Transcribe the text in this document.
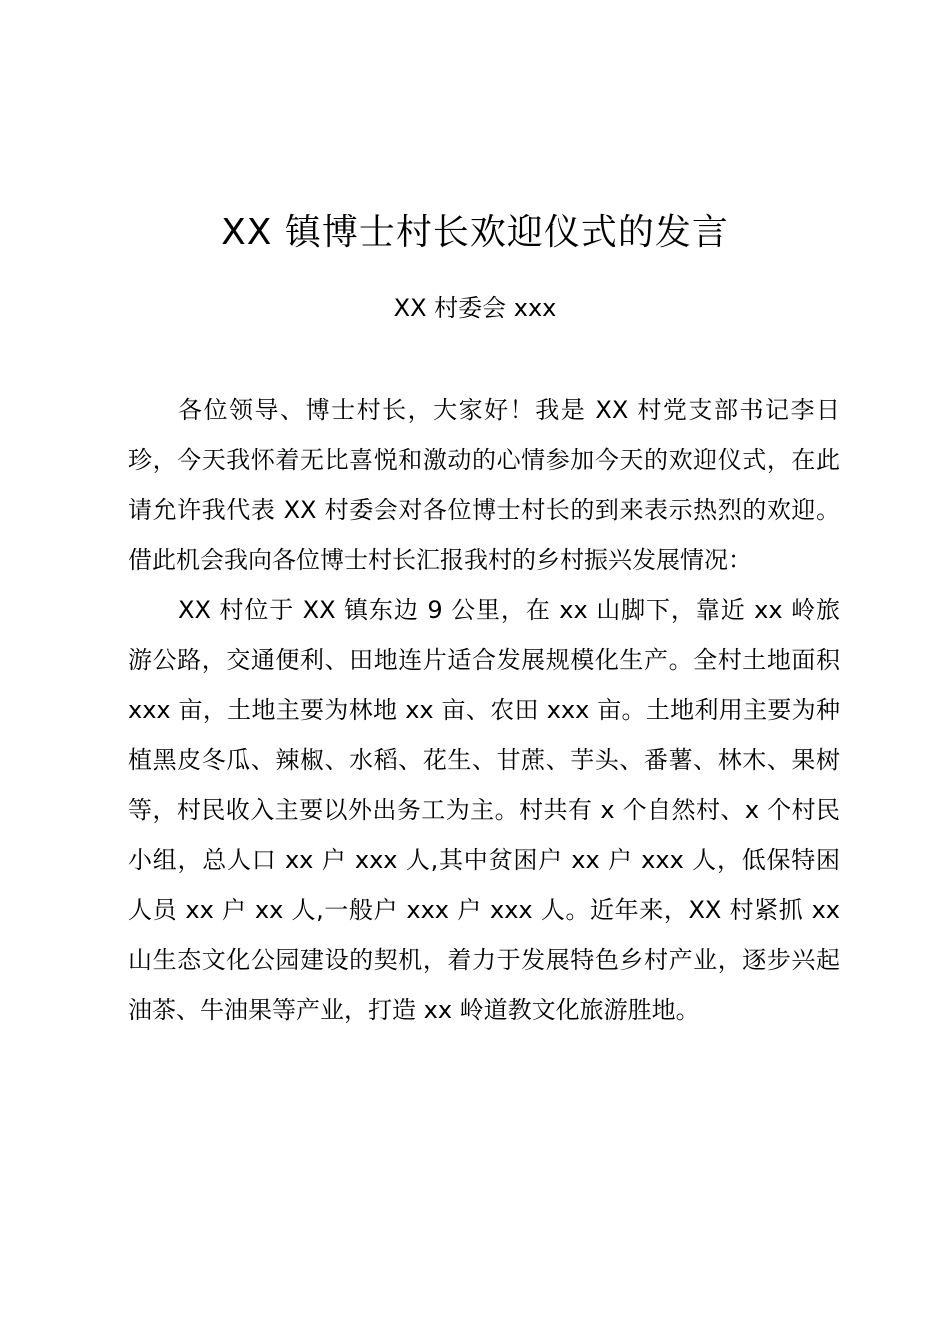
XX 镇博士村长欢迎仪式的发言
XX 村委会 xxx

各位领导、博士村长，大家好！我是 XX 村党支部书记李日珍，今天我怀着无比喜悦和激动的心情参加今天的欢迎仪式，在此请允许我代表 XX 村委会对各位博士村长的到来表示热烈的欢迎。借此机会我向各位博士村长汇报我村的乡村振兴发展情况：

XX 村位于 XX 镇东边 9 公里，在 xx 山脚下，靠近 xx 岭旅游公路，交通便利、田地连片适合发展规模化生产。全村土地面积 xxx 亩，土地主要为林地 xx 亩、农田 xxx 亩。土地利用主要为种植黑皮冬瓜、辣椒、水稻、花生、甘蔗、芋头、番薯、林木、果树等，村民收入主要以外出务工为主。村共有 x 个自然村、x 个村民小组，总人口 xx 户 xxx 人,其中贫困户 xx 户 xxx 人，低保特困人员 xx 户 xx 人,一般户 xxx 户 xxx 人。近年来，XX 村紧抓 xx 山生态文化公园建设的契机，着力于发展特色乡村产业，逐步兴起油茶、牛油果等产业，打造 xx 岭道教文化旅游胜地。
